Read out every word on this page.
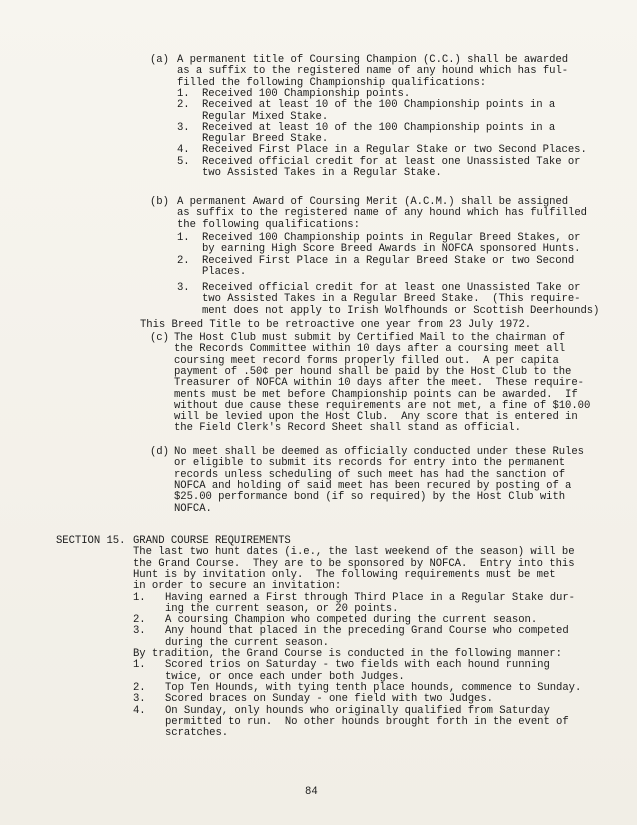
(a) A permanent title of Coursing Champion (C.C.) shall be awarded
as a suffix to the registered name of any hound which has ful-
filled the following Championship qualifications:
1. Received 100 Championship points.
2. Received at least 10 of the 100 Championship points in a
Regular Mixed Stake.
3. Received at least 10 of the 100 Championship points in a
Regular Breed Stake.
4. Received First Place in a Regular Stake or two Second Places.
5. Received official credit for at least one Unassisted Take or
two Assisted Takes in a Regular Stake.
(b) A permanent Award of Coursing Merit (A.C.M.) shall be assigned
as suffix to the registered name of any hound which has fulfilled
the following qualifications:
1. Received 100 Championship points in Regular Breed Stakes, or
by earning High Score Breed Awards in NOFCA sponsored Hunts.
2. Received First Place in a Regular Breed Stake or two Second
Places.
3. Received official credit for at least one Unassisted Take or
two Assisted Takes in a Regular Breed Stake.  (This require-
ment does not apply to Irish Wolfhounds or Scottish Deerhounds)
This Breed Title to be retroactive one year from 23 July 1972.
(c) The Host Club must submit by Certified Mail to the chairman of
the Records Committee within 10 days after a coursing meet all
coursing meet record forms properly filled out.  A per capita
payment of .50¢ per hound shall be paid by the Host Club to the
Treasurer of NOFCA within 10 days after the meet.  These require-
ments must be met before Championship points can be awarded.  If
without due cause these requirements are not met, a fine of $10.00
will be levied upon the Host Club.  Any score that is entered in
the Field Clerk's Record Sheet shall stand as official.
(d) No meet shall be deemed as officially conducted under these Rules
or eligible to submit its records for entry into the permanent
records unless scheduling of such meet has had the sanction of
NOFCA and holding of said meet has been recured by posting of a
$25.00 performance bond (if so required) by the Host Club with
NOFCA.
SECTION 15. GRAND COURSE REQUIREMENTS
The last two hunt dates (i.e., the last weekend of the season) will be
the Grand Course.  They are to be sponsored by NOFCA.  Entry into this
Hunt is by invitation only.  The following requirements must be met
in order to secure an invitation:
1. Having earned a First through Third Place in a Regular Stake dur-
ing the current season, or 20 points.
2. A coursing Champion who competed during the current season.
3. Any hound that placed in the preceding Grand Course who competed
during the current season.
By tradition, the Grand Course is conducted in the following manner:
1. Scored trios on Saturday - two fields with each hound running
twice, or once each under both Judges.
2. Top Ten Hounds, with tying tenth place hounds, commence to Sunday.
3. Scored braces on Sunday - one field with two Judges.
4. On Sunday, only hounds who originally qualified from Saturday
permitted to run.  No other hounds brought forth in the event of
scratches.
84
